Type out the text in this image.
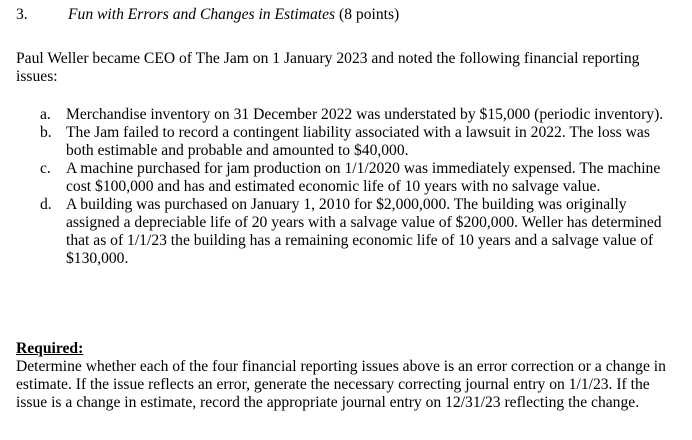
3.	Fun with Errors and Changes in Estimates (8 points)
Paul Weller became CEO of The Jam on 1 January 2023 and noted the following financial reporting issues:
a. Merchandise inventory on 31 December 2022 was understated by $15,000 (periodic inventory).
b. The Jam failed to record a contingent liability associated with a lawsuit in 2022. The loss was both estimable and probable and amounted to $40,000.
c. A machine purchased for jam production on 1/1/2020 was immediately expensed. The machine cost $100,000 and has and estimated economic life of 10 years with no salvage value.
d. A building was purchased on January 1, 2010 for $2,000,000. The building was originally assigned a depreciable life of 20 years with a salvage value of $200,000. Weller has determined that as of 1/1/23 the building has a remaining economic life of 10 years and a salvage value of $130,000.
Required:
Determine whether each of the four financial reporting issues above is an error correction or a change in estimate. If the issue reflects an error, generate the necessary correcting journal entry on 1/1/23. If the issue is a change in estimate, record the appropriate journal entry on 12/31/23 reflecting the change.
